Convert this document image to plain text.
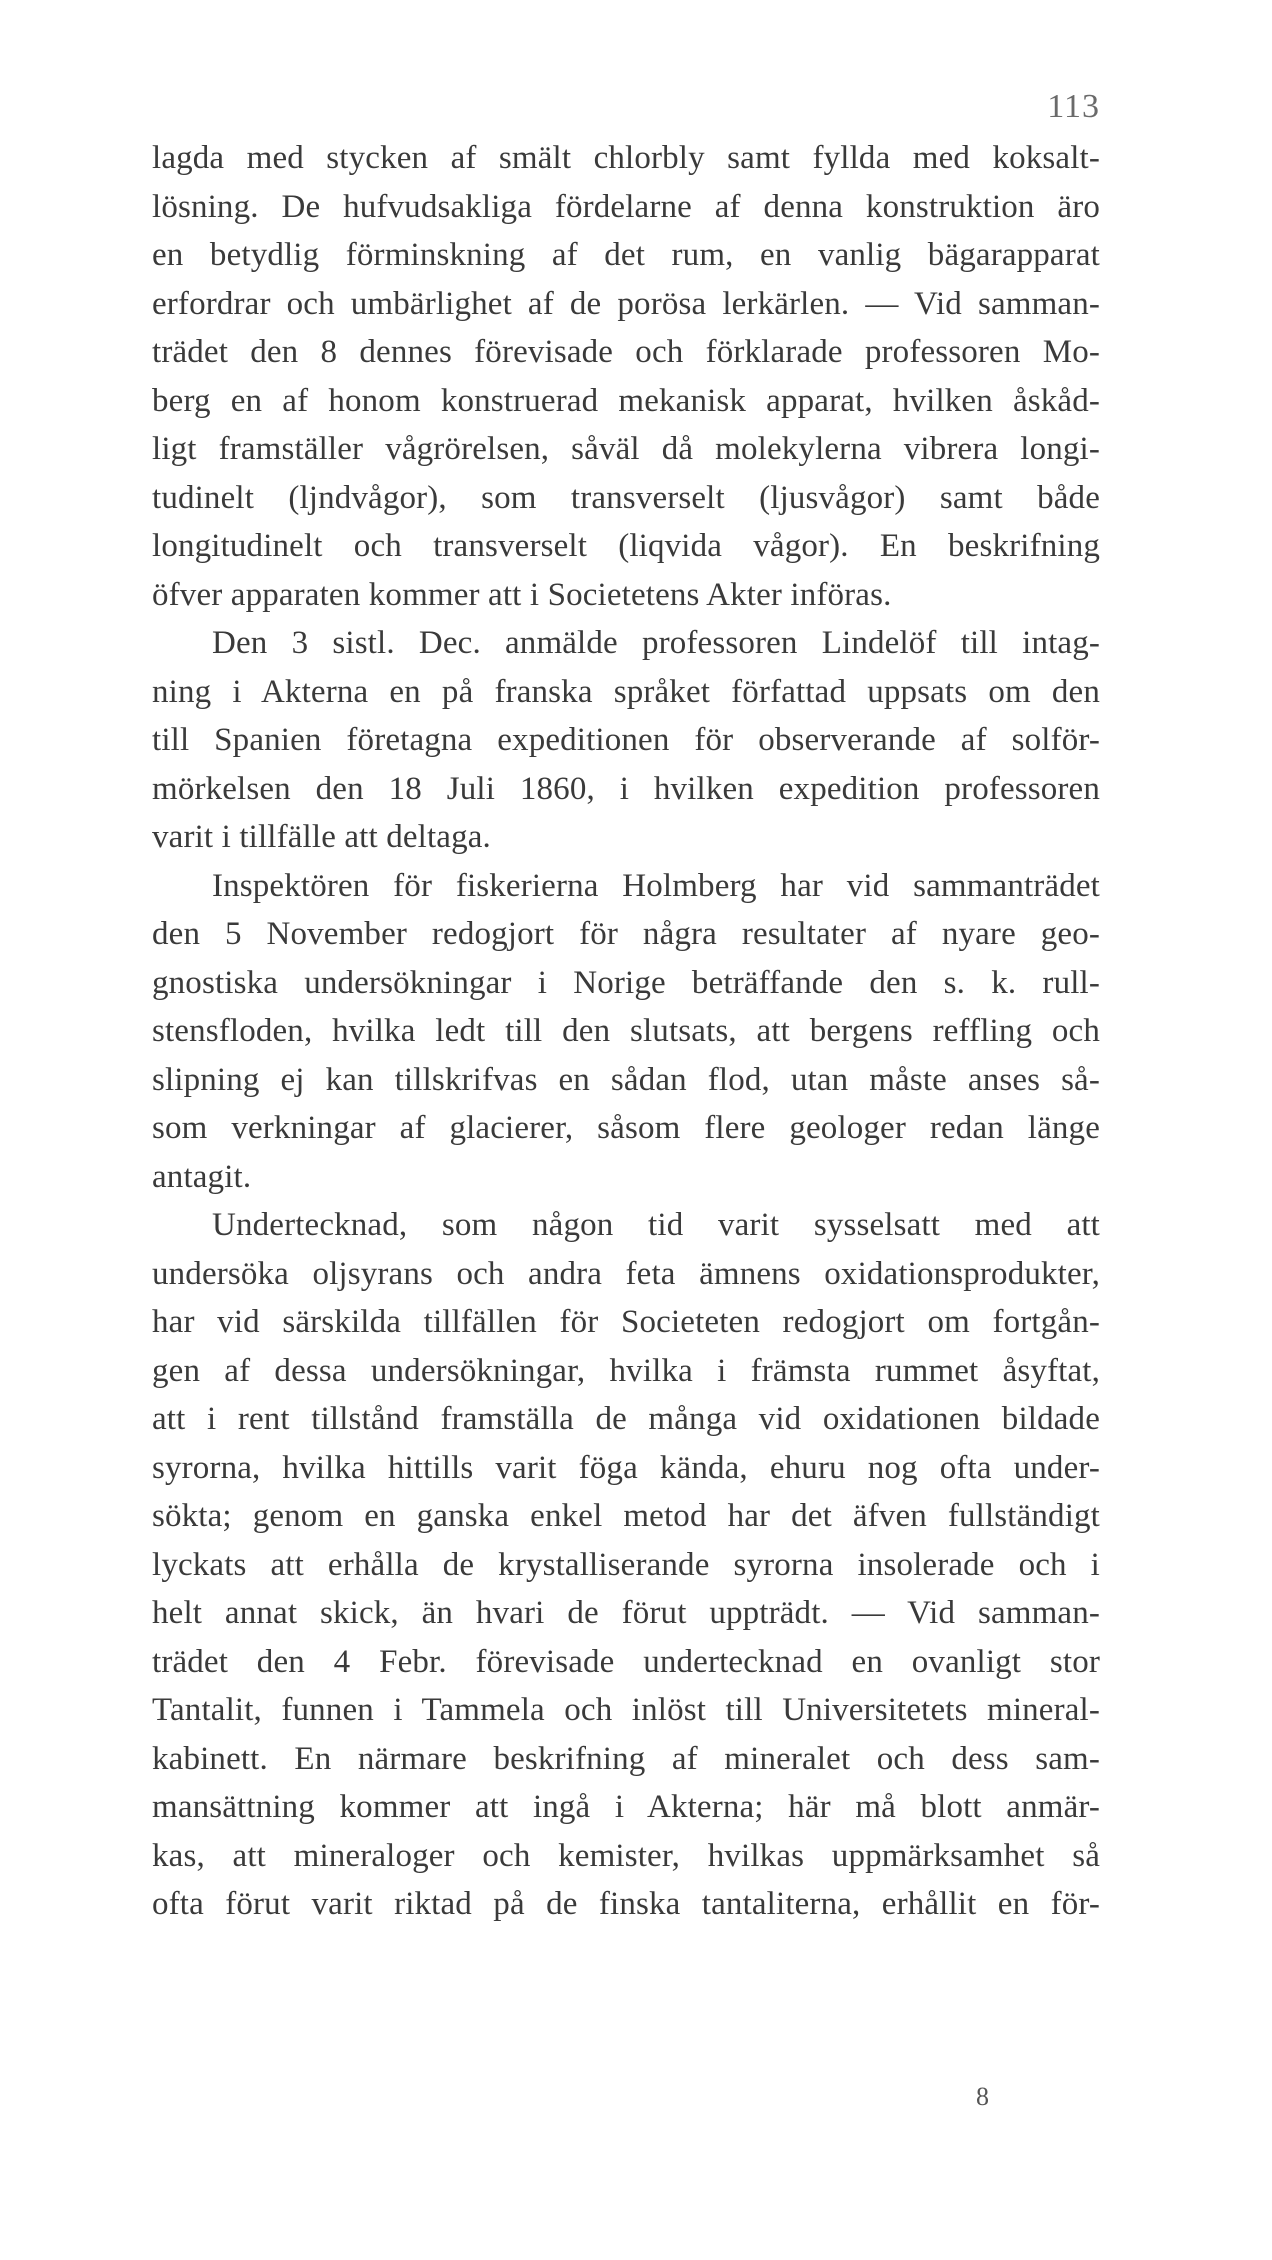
113
lagda med stycken af smält chlorbly samt fyllda med koksalt-
lösning. De hufvudsakliga fördelarne af denna konstruktion äro
en betydlig förminskning af det rum, en vanlig bägarapparat
erfordrar och umbärlighet af de porösa lerkärlen. — Vid samman-
trädet den 8 dennes förevisade och förklarade professoren Mo-
berg en af honom konstruerad mekanisk apparat, hvilken åskåd-
ligt framställer vågrörelsen, såväl då molekylerna vibrera longi-
tudinelt (ljndvågor), som transverselt (ljusvågor) samt både
longitudinelt och transverselt (liqvida vågor). En beskrifning
öfver apparaten kommer att i Societetens Akter införas.
Den 3 sistl. Dec. anmälde professoren Lindelöf till intag-
ning i Akterna en på franska språket författad uppsats om den
till Spanien företagna expeditionen för observerande af solför-
mörkelsen den 18 Juli 1860, i hvilken expedition professoren
varit i tillfälle att deltaga.
Inspektören för fiskerierna Holmberg har vid sammanträdet
den 5 November redogjort för några resultater af nyare geo-
gnostiska undersökningar i Norige beträffande den s. k. rull-
stensfloden, hvilka ledt till den slutsats, att bergens reffling och
slipning ej kan tillskrifvas en sådan flod, utan måste anses så-
som verkningar af glacierer, såsom flere geologer redan länge
antagit.
Undertecknad, som någon tid varit sysselsatt med att
undersöka oljsyrans och andra feta ämnens oxidationsprodukter,
har vid särskilda tillfällen för Societeten redogjort om fortgån-
gen af dessa undersökningar, hvilka i främsta rummet åsyftat,
att i rent tillstånd framställa de många vid oxidationen bildade
syrorna, hvilka hittills varit föga kända, ehuru nog ofta under-
sökta; genom en ganska enkel metod har det äfven fullständigt
lyckats att erhålla de krystalliserande syrorna insolerade och i
helt annat skick, än hvari de förut uppträdt. — Vid samman-
trädet den 4 Febr. förevisade undertecknad en ovanligt stor
Tantalit, funnen i Tammela och inlöst till Universitetets mineral-
kabinett. En närmare beskrifning af mineralet och dess sam-
mansättning kommer att ingå i Akterna; här må blott anmär-
kas, att mineraloger och kemister, hvilkas uppmärksamhet så
ofta förut varit riktad på de finska tantaliterna, erhållit en för-
8
